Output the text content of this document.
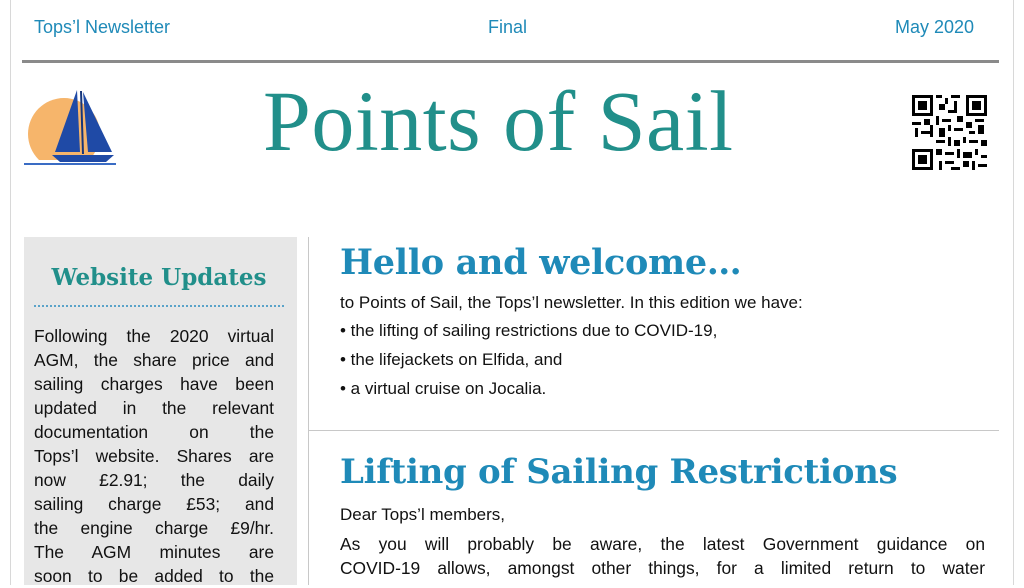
Tops’l Newsletter	Final	May 2020
Points of Sail
Website Updates
Following the 2020 virtual
AGM, the share price and
sailing charges have been
updated in the relevant
documentation on the
Tops’l website. Shares are
now £2.91; the daily
sailing charge £53; and
the engine charge £9/hr.
The AGM minutes are
soon to be added to the
Hello and welcome…
to Points of Sail, the Tops’l newsletter. In this edition we have:
• the lifting of sailing restrictions due to COVID-19,
• the lifejackets on Elfida, and
• a virtual cruise on Jocalia.
Lifting of Sailing Restrictions
Dear Tops’l members,
As you will probably be aware, the latest Government guidance on
COVID-19 allows, amongst other things, for a limited return to water
